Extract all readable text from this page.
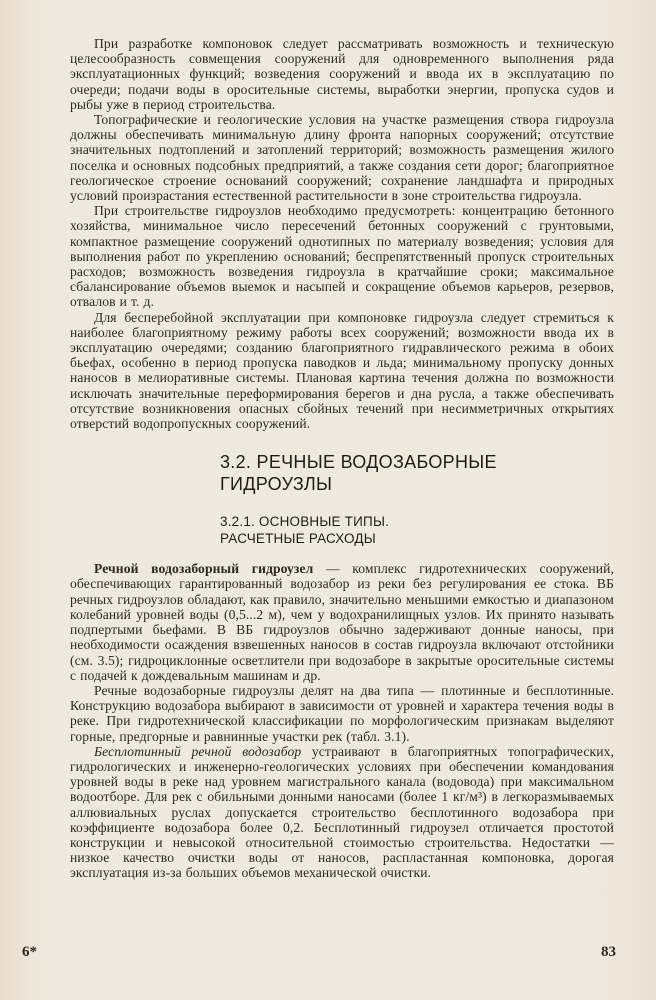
При разработке компоновок следует рассматривать возможность и техническую целесообразность совмещения сооружений для одновременного выполнения ряда эксплуатационных функций; возведения сооружений и ввода их в эксплуатацию по очереди; подачи воды в оросительные системы, выработки энергии, пропуска судов и рыбы уже в период строительства.

Топографические и геологические условия на участке размещения створа гидроузла должны обеспечивать минимальную длину фронта напорных сооружений; отсутствие значительных подтоплений и затоплений территорий; возможность размещения жилого поселка и основных подсобных предприятий, а также создания сети дорог; благоприятное геологическое строение оснований сооружений; сохранение ландшафта и природных условий произрастания естественной растительности в зоне строительства гидроузла.

При строительстве гидроузлов необходимо предусмотреть: концентрацию бетонного хозяйства, минимальное число пересечений бетонных сооружений с грунтовыми, компактное размещение сооружений однотипных по материалу возведения; условия для выполнения работ по укреплению оснований; беспрепятственный пропуск строительных расходов; возможность возведения гидроузла в кратчайшие сроки; максимальное сбалансирование объемов выемок и насыпей и сокращение объемов карьеров, резервов, отвалов и т. д.

Для бесперебойной эксплуатации при компоновке гидроузла следует стремиться к наиболее благоприятному режиму работы всех сооружений; возможности ввода их в эксплуатацию очередями; созданию благоприятного гидравлического режима в обоих бьефах, особенно в период пропуска паводков и льда; минимальному пропуску донных наносов в мелиоративные системы. Плановая картина течения должна по возможности исключать значительные переформирования берегов и дна русла, а также обеспечивать отсутствие возникновения опасных сбойных течений при несимметричных открытиях отверстий водопропускных сооружений.

3.2. РЕЧНЫЕ ВОДОЗАБОРНЫЕ
ГИДРОУЗЛЫ
3.2.1. ОСНОВНЫЕ ТИПЫ.
РАСЧЕТНЫЕ РАСХОДЫ

Речной водозаборный гидроузел — комплекс гидротехнических сооружений, обеспечивающих гарантированный водозабор из реки без регулирования ее стока. ВБ речных гидроузлов обладают, как правило, значительно меньшими емкостью и диапазоном колебаний уровней воды (0,5...2 м), чем у водохранилищных узлов. Их принято называть подпертыми бьефами. В ВБ гидроузлов обычно задерживают донные наносы, при необходимости осаждения взвешенных наносов в состав гидроузла включают отстойники (см. 3.5); гидроциклонные осветлители при водозаборе в закрытые оросительные системы с подачей к дождевальным машинам и др.

Речные водозаборные гидроузлы делят на два типа — плотинные и бесплотинные. Конструкцию водозабора выбирают в зависимости от уровней и характера течения воды в реке. При гидротехнической классификации по морфологическим признакам выделяют горные, предгорные и равнинные участки рек (табл. 3.1).

Бесплотинный речной водозабор устраивают в благоприятных топографических, гидрологических и инженерно-геологических условиях при обеспечении командования уровней воды в реке над уровнем магистрального канала (водовода) при максимальном водоотборе. Для рек с обильными донными наносами (более 1 кг/м³) в легкоразмываемых аллювиальных руслах допускается строительство бесплотинного водозабора при коэффициенте водозабора более 0,2. Бесплотинный гидроузел отличается простотой конструкции и невысокой относительной стоимостью строительства. Недостатки — низкое качество очистки воды от наносов, распластанная компоновка, дорогая эксплуатация из-за больших объемов механической очистки.

6*	83
